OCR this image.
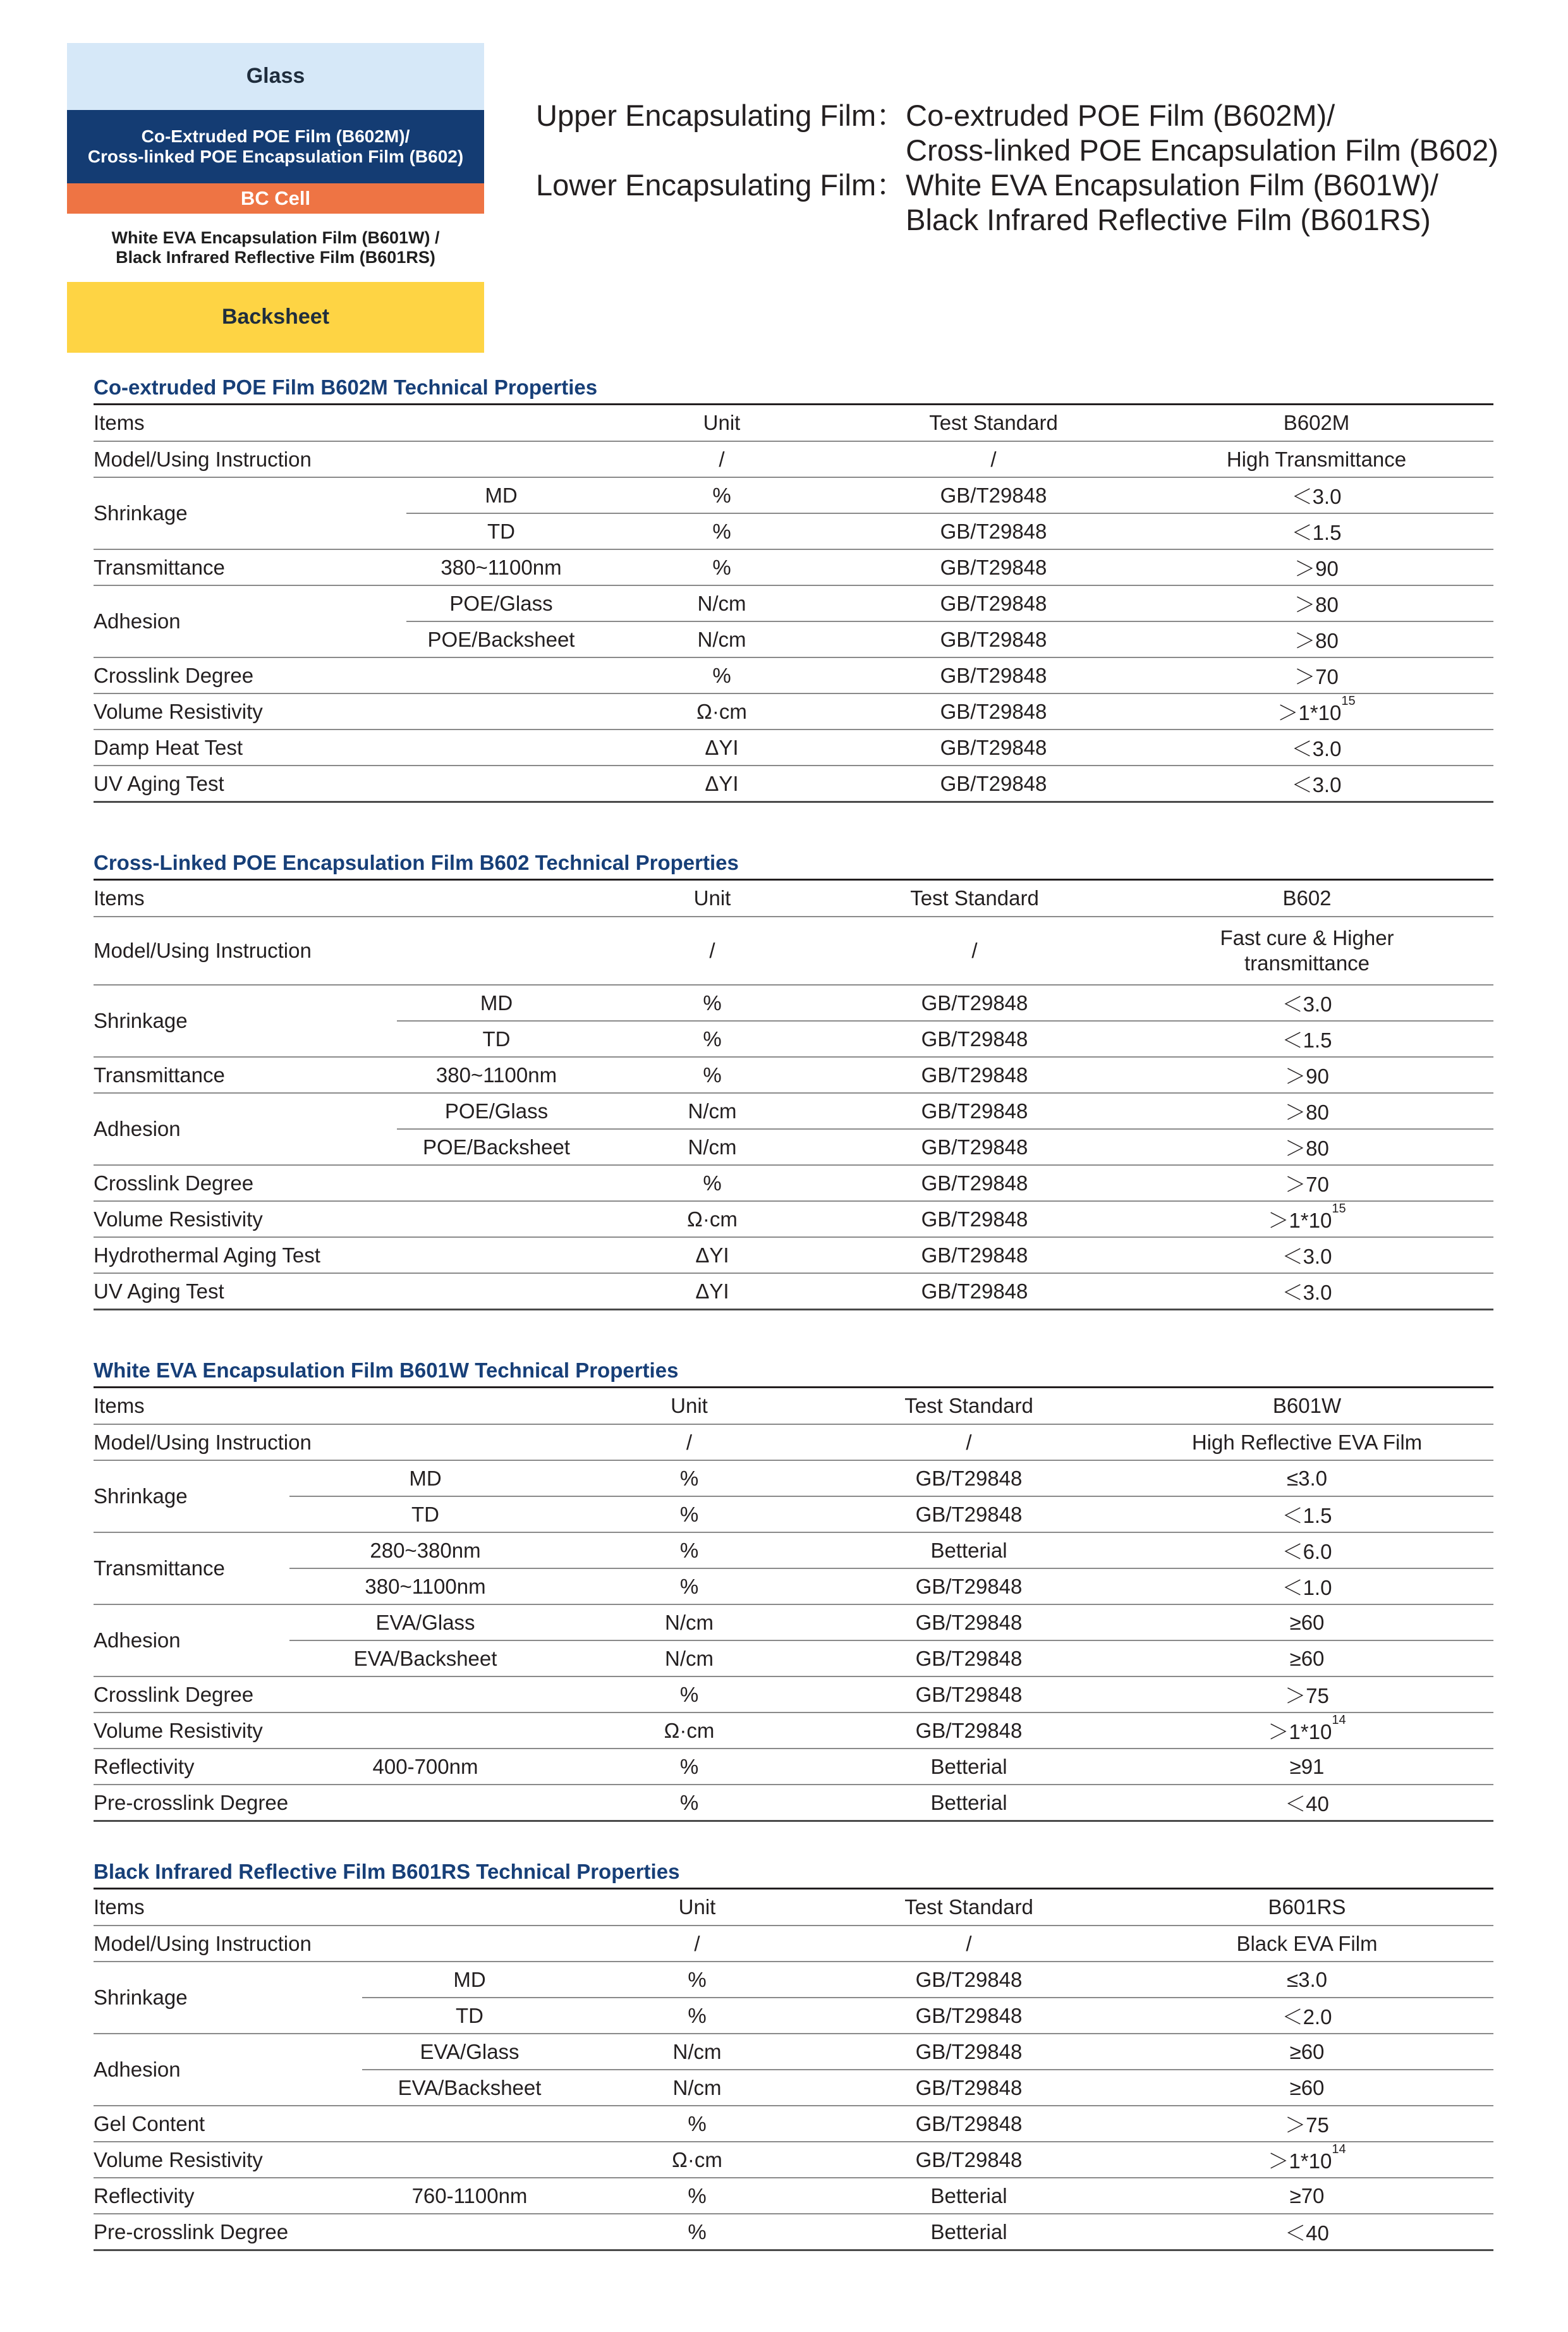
Glass
Co-Extruded POE Film (B602M)/
Cross-linked POE Encapsulation Film (B602)
BC Cell
White EVA Encapsulation Film (B601W) /
Black Infrared Reflective Film (B601RS)
Backsheet
Upper Encapsulating Film： Co-extruded POE Film (B602M)/
Cross-linked POE Encapsulation Film (B602)
Lower Encapsulating Film： White EVA Encapsulation Film (B601W)/
Black Infrared Reflective Film (B601RS)
Co-extruded POE Film B602M Technical Properties
Items		Unit	Test Standard	B602M
Model/Using Instruction		/	/	High Transmittance
Shrinkage	MD	%	GB/T29848	＜3.0
	TD	%	GB/T29848	＜1.5
Transmittance	380~1100nm	%	GB/T29848	＞90
Adhesion	POE/Glass	N/cm	GB/T29848	＞80
	POE/Backsheet	N/cm	GB/T29848	＞80
Crosslink Degree		%	GB/T29848	＞70
Volume Resistivity		Ω·cm	GB/T29848	$>1*10^{15}$
Damp Heat Test		ΔYI	GB/T29848	＜3.0
UV Aging Test		ΔYI	GB/T29848	＜3.0
Cross-Linked POE Encapsulation Film B602 Technical Properties
Items		Unit	Test Standard	B602
Model/Using Instruction		/	/	Fast cure & Higher
transmittance

Shrinkage	MD	%	GB/T29848	＜3.0
	TD	%	GB/T29848	＜1.5
Transmittance	380~1100nm	%	GB/T29848	＞90
Adhesion	POE/Glass	N/cm	GB/T29848	＞80
	POE/Backsheet	N/cm	GB/T29848	＞80
Crosslink Degree		%	GB/T29848	＞70
Volume Resistivity		Ω·cm	GB/T29848	$>1*10^{15}$
Hydrothermal Aging Test		ΔYI	GB/T29848	＜3.0
UV Aging Test		ΔYI	GB/T29848	＜3.0
White EVA Encapsulation Film B601W Technical Properties
Items		Unit	Test Standard	B601W
Model/Using Instruction		/	/	High Reflective EVA Film
Shrinkage	MD	%	GB/T29848	≤3.0
	TD	%	GB/T29848	＜1.5
Transmittance	280~380nm	%	Betterial	＜6.0
	380~1100nm	%	GB/T29848	＜1.0
Adhesion	EVA/Glass	N/cm	GB/T29848	≥60
	EVA/Backsheet	N/cm	GB/T29848	≥60
Crosslink Degree		%	GB/T29848	＞75
Volume Resistivity		Ω·cm	GB/T29848	$>1*10^{14}$
Reflectivity	400-700nm	%	Betterial	≥91
Pre-crosslink Degree		%	Betterial	＜40
Black Infrared Reflective Film B601RS Technical Properties
Items		Unit	Test Standard	B601RS
Model/Using Instruction		/	/	Black EVA Film
Shrinkage	MD	%	GB/T29848	≤3.0
	TD	%	GB/T29848	＜2.0
Adhesion	EVA/Glass	N/cm	GB/T29848	≥60
	EVA/Backsheet	N/cm	GB/T29848	≥60
Gel Content		%	GB/T29848	＞75
Volume Resistivity		Ω·cm	GB/T29848	$>1*10^{14}$
Reflectivity	760-1100nm	%	Betterial	≥70
Pre-crosslink Degree		%	Betterial	＜40
